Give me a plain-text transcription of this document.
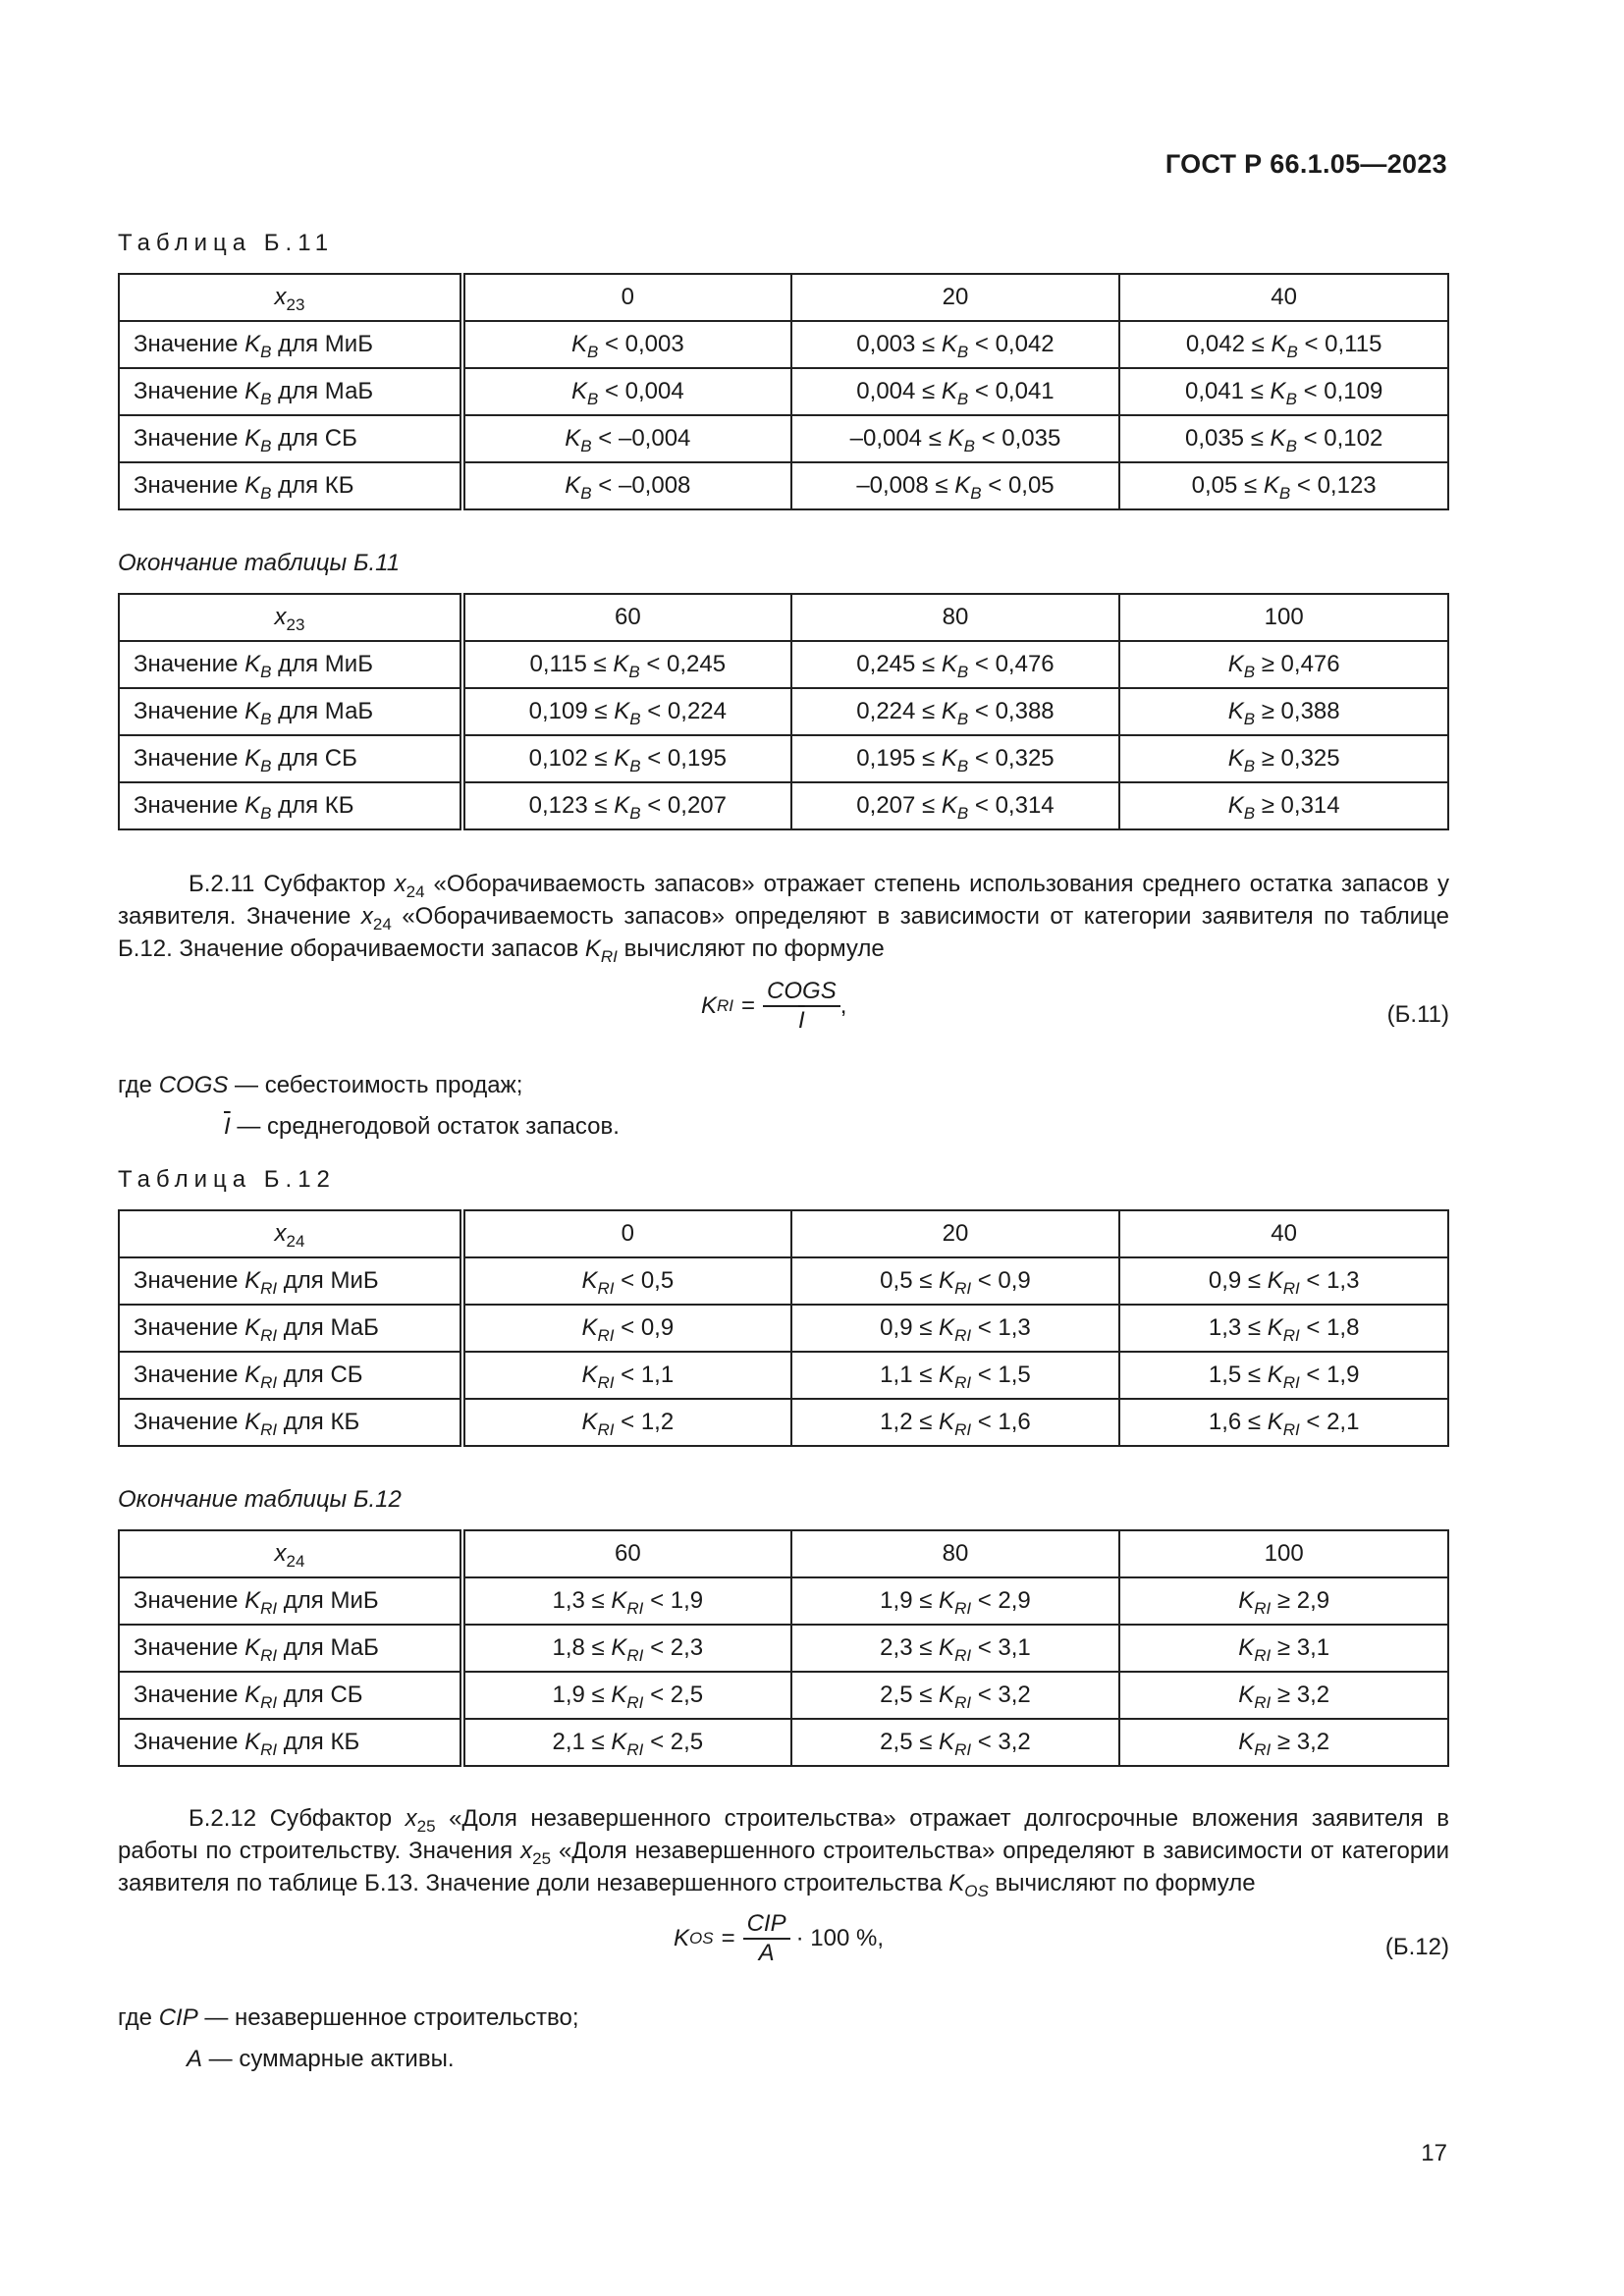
ГОСТ Р 66.1.05—2023
Таблица Б.11
$x_{23}$	0	20	40
Значение $K_B$ для МиБ	$K_B < 0,003$	$0,003 \le K_B < 0,042$	$0,042 \le K_B < 0,115$
Значение $K_B$ для МаБ	$K_B < 0,004$	$0,004 \le K_B < 0,041$	$0,041 \le K_B < 0,109$
Значение $K_B$ для СБ	$K_B < -0,004$	$-0,004 \le K_B < 0,035$	$0,035 \le K_B < 0,102$
Значение $K_B$ для КБ	$K_B < -0,008$	$-0,008 \le K_B < 0,05$	$0,05 \le K_B < 0,123$
Окончание таблицы Б.11
$x_{23}$	60	80	100
Значение $K_B$ для МиБ	$0,115 \le K_B < 0,245$	$0,245 \le K_B < 0,476$	$K_B \ge 0,476$
Значение $K_B$ для МаБ	$0,109 \le K_B < 0,224$	$0,224 \le K_B < 0,388$	$K_B \ge 0,388$
Значение $K_B$ для СБ	$0,102 \le K_B < 0,195$	$0,195 \le K_B < 0,325$	$K_B \ge 0,325$
Значение $K_B$ для КБ	$0,123 \le K_B < 0,207$	$0,207 \le K_B < 0,314$	$K_B \ge 0,314$

Б.2.11 Субфактор $x_{24}$ «Оборачиваемость запасов» отражает степень использования среднего остатка запасов у заявителя. Значение $x_{24}$ «Оборачиваемость запасов» определяют в зависимости от категории заявителя по таблице Б.12. Значение оборачиваемости запасов $K_{RI}$ вычисляют по формуле

K RI =
COGS
$\overline{I}$
,	(Б.11)
где COGS — себестоимость продаж;
$\overline{I}$ — среднегодовой остаток запасов.
Таблица Б.12
$x_{24}$	0	20	40
Значение $K_{RI}$ для МиБ	$K_{RI} < 0,5$	$0,5 \le K_{RI} < 0,9$	$0,9 \le K_{RI} < 1,3$
Значение $K_{RI}$ для МаБ	$K_{RI} < 0,9$	$0,9 \le K_{RI} < 1,3$	$1,3 \le K_{RI} < 1,8$
Значение $K_{RI}$ для СБ	$K_{RI} < 1,1$	$1,1 \le K_{RI} < 1,5$	$1,5 \le K_{RI} < 1,9$
Значение $K_{RI}$ для КБ	$K_{RI} < 1,2$	$1,2 \le K_{RI} < 1,6$	$1,6 \le K_{RI} < 2,1$
Окончание таблицы Б.12
$x_{24}$	60	80	100
Значение $K_{RI}$ для МиБ	$1,3 \le K_{RI} < 1,9$	$1,9 \le K_{RI} < 2,9$	$K_{RI} \ge 2,9$
Значение $K_{RI}$ для МаБ	$1,8 \le K_{RI} < 2,3$	$2,3 \le K_{RI} < 3,1$	$K_{RI} \ge 3,1$
Значение $K_{RI}$ для СБ	$1,9 \le K_{RI} < 2,5$	$2,5 \le K_{RI} < 3,2$	$K_{RI} \ge 3,2$
Значение $K_{RI}$ для КБ	$2,1 \le K_{RI} < 2,5$	$2,5 \le K_{RI} < 3,2$	$K_{RI} \ge 3,2$

Б.2.12 Субфактор $x_{25}$ «Доля незавершенного строительства» отражает долгосрочные вложения заявителя в работы по строительству. Значения $x_{25}$ «Доля незавершенного строительства» определяют в зависимости от категории заявителя по таблице Б.13. Значение доли незавершенного строительства $K_{OS}$ вычисляют по формуле

K OS =
CIP
A
· 100 %,	(Б.12)
где CIP — незавершенное строительство;
A — суммарные активы.
17
